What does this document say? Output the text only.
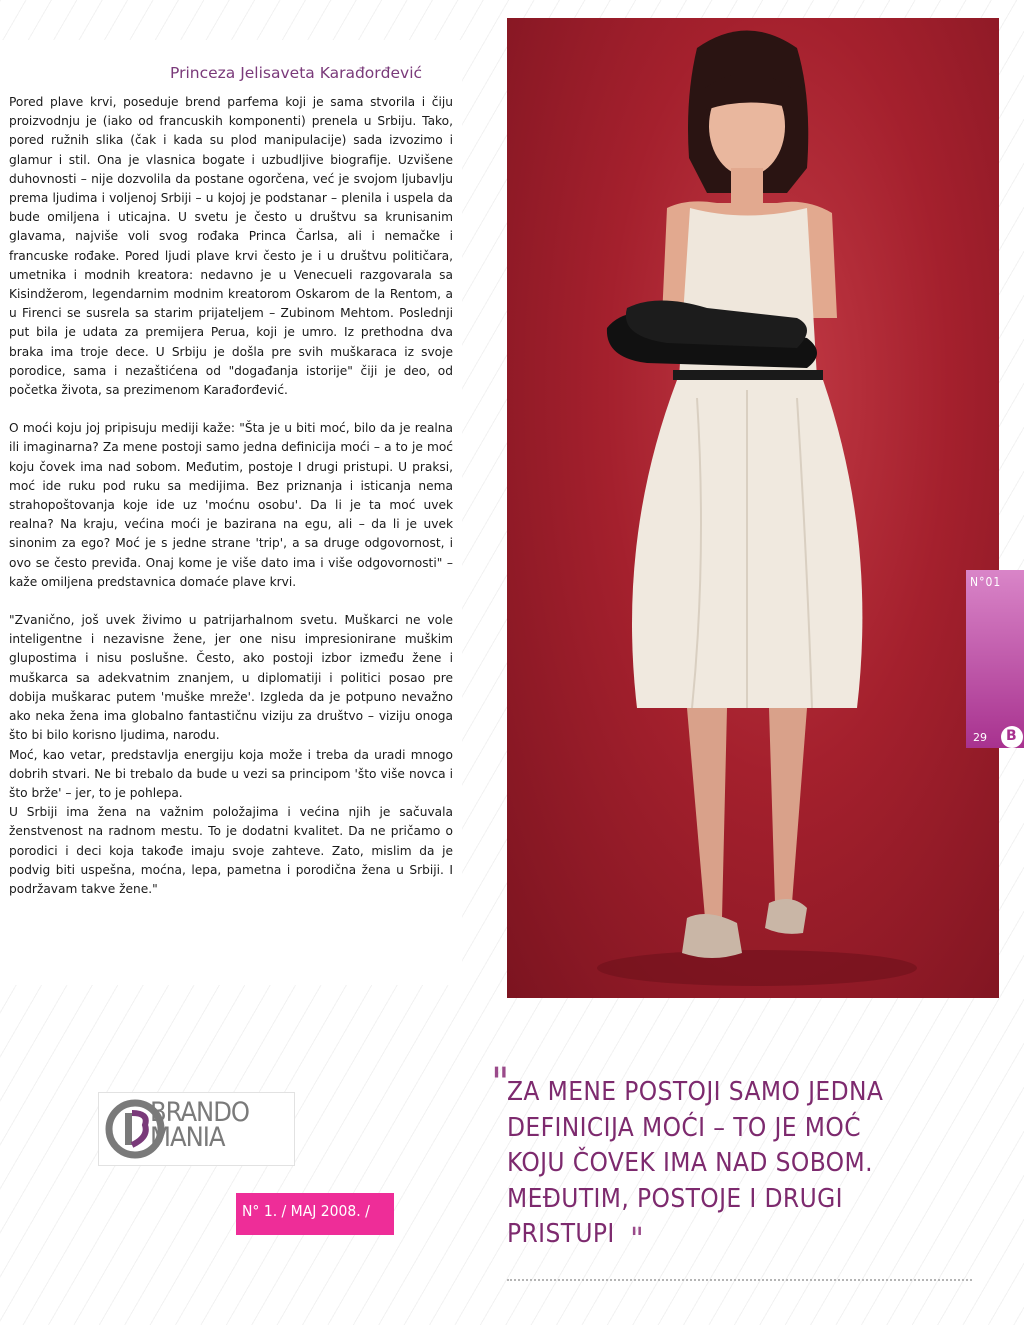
Princeza Jelisaveta Karađorđević

Pored plave krvi, poseduje brend parfema koji je sama stvorila i čiju proizvodnju je (iako od francuskih komponenti) prenela u Srbiju. Tako, pored ružnih slika (čak i kada su plod manipulacije) sada izvozimo i glamur i stil. Ona je vlasnica bogate i uzbudljive biografije. Uzvišene duhovnosti – nije dozvolila da postane ogorčena, već je svojom ljubavlju prema ljudima i voljenoj Srbiji – u kojoj je podstanar – plenila i uspela da bude omiljena i uticajna. U svetu je često u društvu sa krunisanim glavama, najviše voli svog rođaka Princa Čarlsa, ali i nemačke i francuske rođake. Pored ljudi plave krvi često je i u društvu političara, umetnika i modnih kreatora: nedavno je u Venecueli razgovarala sa Kisindžerom, legendarnim modnim kreatorom Oskarom de la Rentom, a u Firenci se susrela sa starim prijateljem – Zubinom Mehtom. Poslednji put bila je udata za premijera Perua, koji je umro. Iz prethodna dva braka ima troje dece. U Srbiju je došla pre svih muškaraca iz svoje porodice, sama i nezaštićena od "događanja istorije" čiji je deo, od početka života, sa prezimenom Karađorđević.

O moći koju joj pripisuju mediji kaže: "Šta je u biti moć, bilo da je realna ili imaginarna? Za mene postoji samo jedna definicija moći – a to je moć koju čovek ima nad sobom. Međutim, postoje I drugi pristupi. U praksi, moć ide ruku pod ruku sa medijima. Bez priznanja i isticanja nema strahopoštovanja koje ide uz 'moćnu osobu'. Da li je ta moć uvek realna? Na kraju, većina moći je bazirana na egu, ali – da li je uvek sinonim za ego? Moć je s jedne strane 'trip', a sa druge odgovornost, i ovo se često previđa. Onaj kome je više dato ima i više odgovornosti" – kaže omiljena predstavnica domaće plave krvi.

"Zvanično, još uvek živimo u patrijarhalnom svetu. Muškarci ne vole inteligentne i nezavisne žene, jer one nisu impresionirane muškim glupostima i nisu poslušne. Često, ako postoji izbor između žene i muškarca sa adekvatnim znanjem, u diplomatiji i politici posao pre dobija muškarac putem 'muške mreže'. Izgleda da je potpuno nevažno ako neka žena ima globalno fantastičnu viziju za društvo – viziju onoga što bi bilo korisno ljudima, narodu.

Moć, kao vetar, predstavlja energiju koja može i treba da uradi mnogo dobrih stvari. Ne bi trebalo da bude u vezi sa principom 'što više novca i što brže' – jer, to je pohlepa.

U Srbiji ima žena na važnim položajima i većina njih je sačuvala ženstvenost na radnom mestu. To je dodatni kvalitet. Da ne pričamo o porodici i deci koja takođe imaju svoje zahteve. Zato, mislim da je podvig biti uspešna, moćna, lepa, pametna i porodična žena u Srbiji. I podržavam takve žene."

N°01
29 B
BRANDO
MANIA
N° 1. / MAJ 2008. /
"
ZA MENE POSTOJI SAMO JEDNA
DEFINICIJA MOĆI – TO JE MOĆ
KOJU ČOVEK IMA NAD SOBOM.
MEĐUTIM, POSTOJE I DRUGI
PRISTUPI "
